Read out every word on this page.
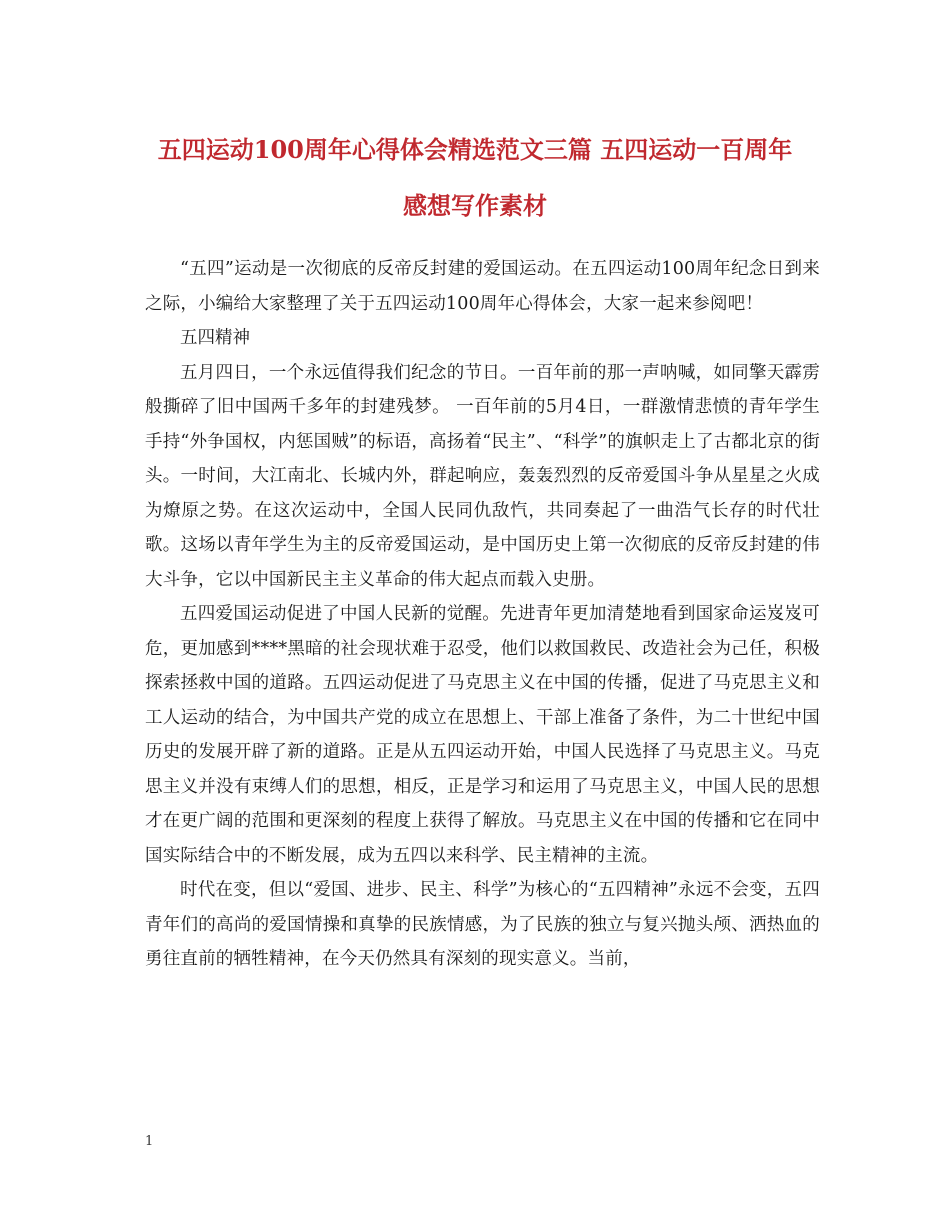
五四运动100周年心得体会精选范文三篇 五四运动一百周年
感想写作素材

“五四”运动是一次彻底的反帝反封建的爱国运动。在五四运动100周年纪念日到来之际，小编给大家整理了关于五四运动100周年心得体会，大家一起来参阅吧！

五四精神

五月四日，一个永远值得我们纪念的节日。一百年前的那一声呐喊，如同擎天霹雳般撕碎了旧中国两千多年的封建残梦。 一百年前的5月4日，一群激情悲愤的青年学生手持“外争国权，内惩国贼”的标语，高扬着“民主”、“科学”的旗帜走上了古都北京的街头。一时间，大江南北、长城内外，群起响应，轰轰烈烈的反帝爱国斗争从星星之火成为燎原之势。在这次运动中，全国人民同仇敌忾，共同奏起了一曲浩气长存的时代壮歌。这场以青年学生为主的反帝爱国运动，是中国历史上第一次彻底的反帝反封建的伟大斗争，它以中国新民主主义革命的伟大起点而载入史册。

五四爱国运动促进了中国人民新的觉醒。先进青年更加清楚地看到国家命运岌岌可危，更加感到****黑暗的社会现状难于忍受，他们以救国救民、改造社会为己任，积极探索拯救中国的道路。五四运动促进了马克思主义在中国的传播，促进了马克思主义和工人运动的结合，为中国共产党的成立在思想上、干部上准备了条件，为二十世纪中国历史的发展开辟了新的道路。正是从五四运动开始，中国人民选择了马克思主义。马克思主义并没有束缚人们的思想，相反，正是学习和运用了马克思主义，中国人民的思想才在更广阔的范围和更深刻的程度上获得了解放。马克思主义在中国的传播和它在同中国实际结合中的不断发展，成为五四以来科学、民主精神的主流。

时代在变，但以“爱国、进步、民主、科学”为核心的“五四精神”永远不会变，五四青年们的高尚的爱国情操和真挚的民族情感，为了民族的独立与复兴抛头颅、洒热血的勇往直前的牺牲精神，在今天仍然具有深刻的现实意义。当前，

1
